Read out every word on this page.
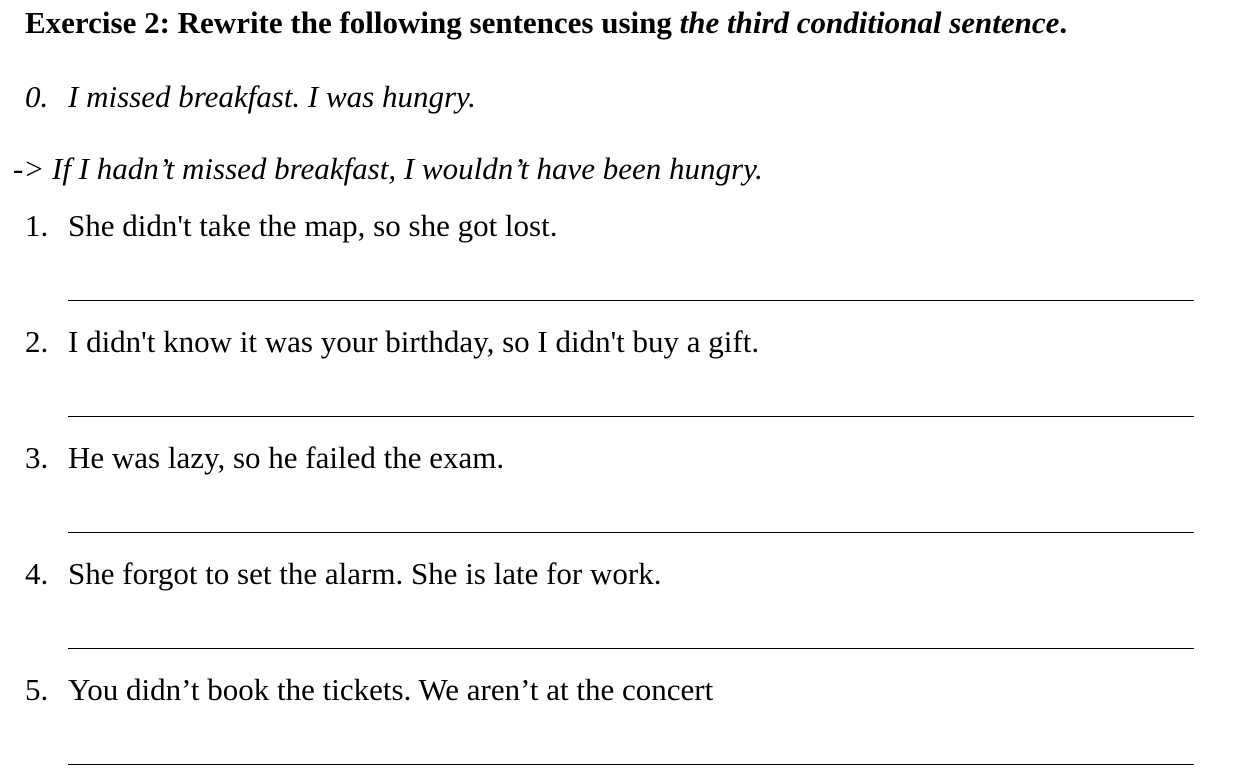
Exercise 2: Rewrite the following sentences using the third conditional sentence.
0. I missed breakfast. I was hungry.
-> If I hadn’t missed breakfast, I wouldn’t have been hungry.
1. She didn't take the map, so she got lost.
2. I didn't know it was your birthday, so I didn't buy a gift.
3. He was lazy, so he failed the exam.
4. She forgot to set the alarm. She is late for work.
5. You didn’t book the tickets. We aren’t at the concert
